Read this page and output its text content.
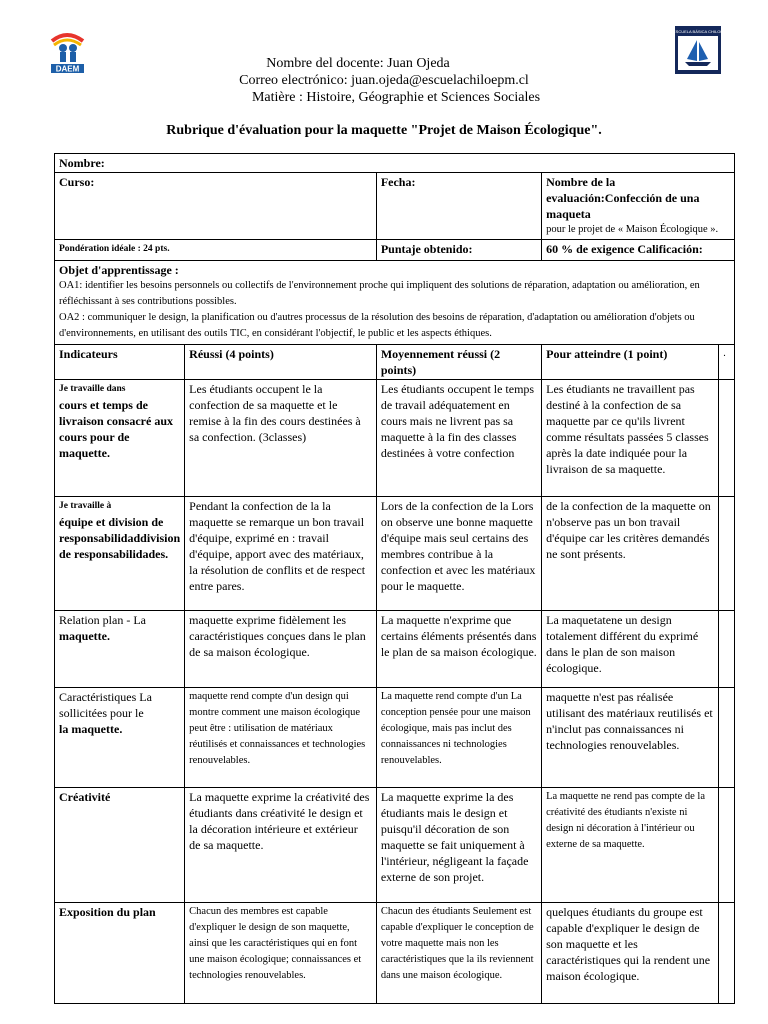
DAEM
ESCUELA BÁSICA CHILOÉ
Nombre del docente: Juan Ojeda
Correo electrónico: juan.ojeda@escuelachiloepm.cl
Matière : Histoire, Géographie et Sciences Sociales
Rubrique d'évaluation pour la maquette "Projet de Maison Écologique".
Nombre:				
Curso:		Fecha:	Nombre de la evaluación:Confección de una maqueta
pour le projet de « Maison Écologique ».	

Pondération idéale : 24 pts.		Puntaje obtenido:	60 % de exigence Calificación:	

Objet d'apprentissage :
OA1: identifier les besoins personnels ou collectifs de l'environnement proche qui impliquent des solutions de réparation, adaptation ou amélioration, en réfléchissant à ses contributions possibles.
OA2 : communiquer le design, la planification ou d'autres processus de la résolution des besoins de réparation, d'adaptation ou amélioration d'objets ou d'environnements, en utilisant des outils TIC, en considérant l'objectif, le public et les aspects éthiques.				

Indicateurs	Réussi (4 points)	Moyennement réussi (2 points)	Pour atteindre (1 point)	.

Je travaille dans
cours et temps de livraison consacré aux cours pour de maquette.	Les étudiants occupent le la confection de sa maquette et le remise à la fin des cours destinées à sa confection. (3classes)	Les étudiants occupent le temps de travail adéquatement en cours mais ne livrent pas sa maquette à la fin des classes destinées à votre confection	Les étudiants ne travaillent pas destiné à la confection de sa maquette par ce qu'ils livrent comme résultats passées 5 classes après la date indiquée pour la livraison de sa maquette.	

Je travaille à
équipe et division de responsabilidaddivision de responsabilidades.	Pendant la confection de la la maquette se remarque un bon travail d'équipe, exprimé en : travail d'équipe, apport avec des matériaux, la résolution de conflits et de respect entre pares.	Lors de la confection de la Lors on observe une bonne maquette d'équipe mais seul certains des membres contribue à la confection et avec les matériaux pour le maquette.	de la confection de la maquette on n'observe pas un bon travail d'équipe car les critères demandés ne sont présents.	

Relation plan - La
maquette.	maquette exprime fidèlement les caractéristiques conçues dans le plan de sa maison écologique.	La maquette n'exprime que certains éléments présentés dans le plan de sa maison écologique.	La maquetatene un design totalement différent du exprimé dans le plan de son maison écologique.	

Caractéristiques La sollicitées pour le
la maquette.	maquette rend compte d'un design qui montre comment une maison écologique peut être : utilisation de matériaux réutilisés et connaissances et technologies renouvelables.	La maquette rend compte d'un La conception pensée pour une maison écologique, mais pas inclut des connaissances ni technologies renouvelables.	maquette n'est pas réalisée utilisant des matériaux reutilisés et n'inclut pas connaissances ni technologies renouvelables.	

Créativité	La maquette exprime la créativité des étudiants dans créativité le design et la décoration intérieure et extérieur de sa maquette.	La maquette exprime la des étudiants mais le design et puisqu'il décoration de son maquette se fait uniquement à l'intérieur, négligeant la façade externe de son projet.	La maquette ne rend pas compte de la créativité des étudiants n'existe ni design ni décoration à l'intérieur ou externe de sa maquette.	

Exposition du plan	Chacun des membres est capable d'expliquer le design de son maquette, ainsi que les caractéristiques qui en font une maison écologique; connaissances et technologies renouvelables.	Chacun des étudiants Seulement est capable d'expliquer le conception de votre maquette mais non les caractéristiques que la ils reviennent dans une maison écologique.	quelques étudiants du groupe est capable d'expliquer le design de son maquette et les caractéristiques qui la rendent une maison écologique.	
